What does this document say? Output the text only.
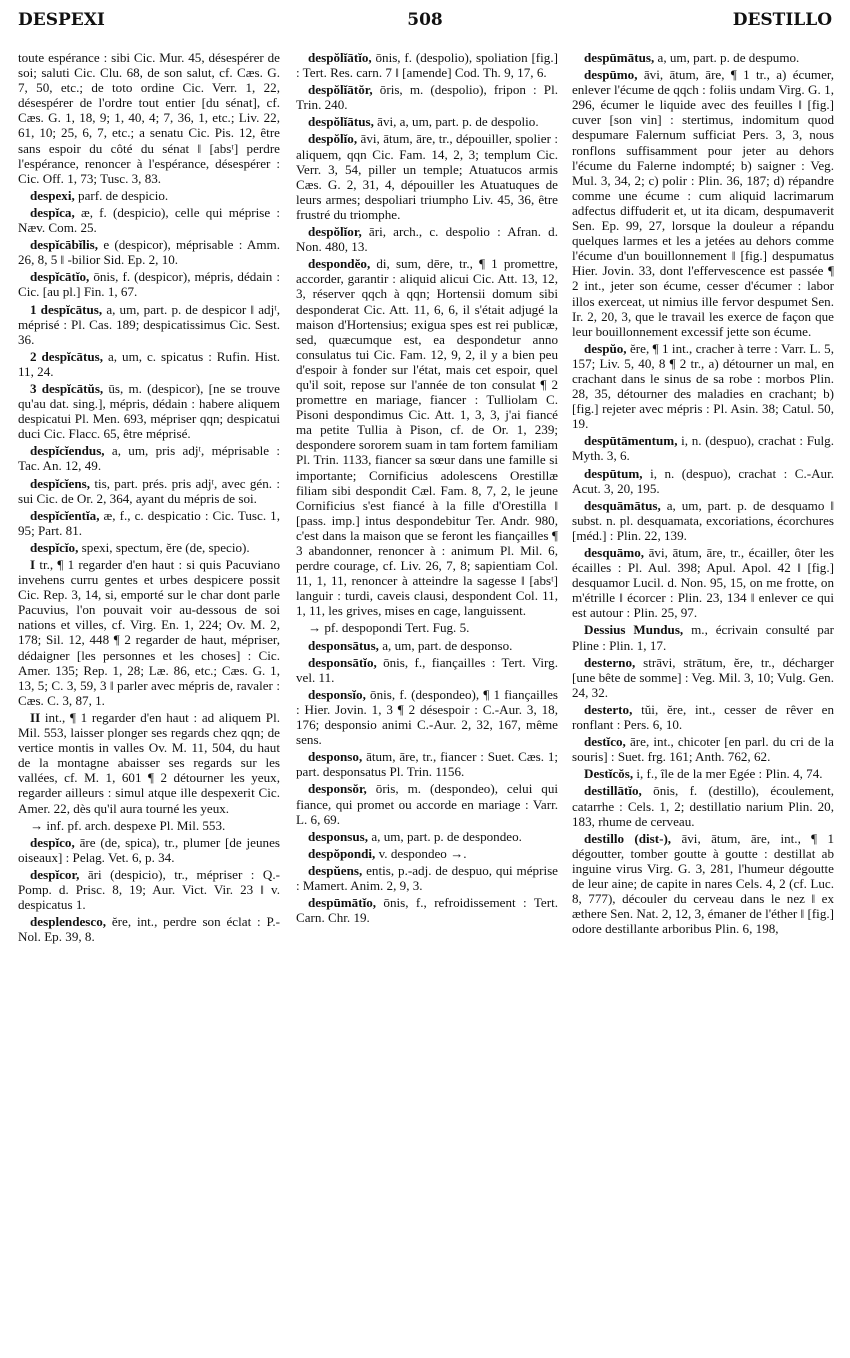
DESPEXI	508	DESTILLO

toute espérance : sibi Cic. Mur. 45, désespérer de soi; saluti Cic. Clu. 68, de son salut, cf. Cæs. G. 7, 50, etc.; de toto ordine Cic. Verr. 1, 22, désespérer de l'ordre tout entier [du sénat], cf. Cæs. G. 1, 18, 9; 1, 40, 4; 7, 36, 1, etc.; Liv. 22, 61, 10; 25, 6, 7, etc.; a senatu Cic. Pis. 12, être sans espoir du côté du sénat ‖ [absᵗ] perdre l'espérance, renoncer à l'espérance, désespérer : Cic. Off. 1, 73; Tusc. 3, 83.

despexi, parf. de despicio.

despĭca, æ, f. (despicio), celle qui méprise : Næv. Com. 25.

despĭcābĭlis, e (despicor), méprisable : Amm. 26, 8, 5 ‖ -bilior Sid. Ep. 2, 10.

despĭcātĭo, ōnis, f. (despicor), mépris, dédain : Cic. [au pl.] Fin. 1, 67.

1 despĭcātus, a, um, part. p. de despicor ‖ adjᵗ, méprisé : Pl. Cas. 189; despicatissimus Cic. Sest. 36.

2 despĭcātus, a, um, c. spicatus : Rufin. Hist. 11, 24.

3 despĭcātŭs, ūs, m. (despicor), [ne se trouve qu'au dat. sing.], mépris, dédain : habere aliquem despicatui Pl. Men. 693, mépriser qqn; despicatui duci Cic. Flacc. 65, être méprisé.

despĭcĭendus, a, um, pris adjᵗ, méprisable : Tac. An. 12, 49.

despĭcĭens, tis, part. prés. pris adjᵗ, avec gén. : sui Cic. de Or. 2, 364, ayant du mépris de soi.

despĭcĭentĭa, æ, f., c. despicatio : Cic. Tusc. 1, 95; Part. 81.

despĭcĭo, spexi, spectum, ĕre (de, specio).

I tr., ¶ 1 regarder d'en haut : si quis Pacuviano invehens curru gentes et urbes despicere possit Cic. Rep. 3, 14, si, emporté sur le char dont parle Pacuvius, l'on pouvait voir au-dessous de soi nations et villes, cf. Virg. En. 1, 224; Ov. M. 2, 178; Sil. 12, 448 ¶ 2 regarder de haut, mépriser, dédaigner [les personnes et les choses] : Cic. Amer. 135; Rep. 1, 28; Læ. 86, etc.; Cæs. G. 1, 13, 5; C. 3, 59, 3 ‖ parler avec mépris de, ravaler : Cæs. C. 3, 87, 1.

II int., ¶ 1 regarder d'en haut : ad aliquem Pl. Mil. 553, laisser plonger ses regards chez qqn; de vertice montis in valles Ov. M. 11, 504, du haut de la montagne abaisser ses regards sur les vallées, cf. M. 1, 601 ¶ 2 détourner les yeux, regarder ailleurs : simul atque ille despexerit Cic. Amer. 22, dès qu'il aura tourné les yeux.

→ inf. pf. arch. despexe Pl. Mil. 553.

despĭco, āre (de, spica), tr., plumer [de jeunes oiseaux] : Pelag. Vet. 6, p. 34.

despĭcor, āri (despicio), tr., mépriser : Q.-Pomp. d. Prisc. 8, 19; Aur. Vict. Vir. 23 ‖ v. despicatus 1.

desplendesco, ĕre, int., perdre son éclat : P.-Nol. Ep. 39, 8.

despŏlĭātĭo, ōnis, f. (despolio), spoliation [fig.] : Tert. Res. carn. 7 ‖ [amende] Cod. Th. 9, 17, 6.

despŏlĭātŏr, ōris, m. (despolio), fripon : Pl. Trin. 240.

despŏlĭātus, āvi, a, um, part. p. de despolio.

despŏlĭo, āvi, ātum, āre, tr., dépouiller, spolier : aliquem, qqn Cic. Fam. 14, 2, 3; templum Cic. Verr. 3, 54, piller un temple; Atuatucos armis Cæs. G. 2, 31, 4, dépouiller les Atuatuques de leurs armes; despoliari triumpho Liv. 45, 36, être frustré du triomphe.

despŏlĭor, āri, arch., c. despolio : Afran. d. Non. 480, 13.

despondĕo, di, sum, dēre, tr., ¶ 1 promettre, accorder, garantir : aliquid alicui Cic. Att. 13, 12, 3, réserver qqch à qqn; Hortensii domum sibi desponderat Cic. Att. 11, 6, 6, il s'était adjugé la maison d'Hortensius; exigua spes est rei publicæ, sed, quæcumque est, ea despondetur anno consulatus tui Cic. Fam. 12, 9, 2, il y a bien peu d'espoir à fonder sur l'état, mais cet espoir, quel qu'il soit, repose sur l'année de ton consulat ¶ 2 promettre en mariage, fiancer : Tulliolam C. Pisoni despondimus Cic. Att. 1, 3, 3, j'ai fiancé ma petite Tullia à Pison, cf. de Or. 1, 239; despondere sororem suam in tam fortem familiam Pl. Trin. 1133, fiancer sa sœur dans une famille si importante; Cornificius adolescens Orestillæ filiam sibi despondit Cæl. Fam. 8, 7, 2, le jeune Cornificius s'est fiancé à la fille d'Orestilla ‖ [pass. imp.] intus despondebitur Ter. Andr. 980, c'est dans la maison que se feront les fiançailles ¶ 3 abandonner, renoncer à : animum Pl. Mil. 6, perdre courage, cf. Liv. 26, 7, 8; sapientiam Col. 11, 1, 11, renoncer à atteindre la sagesse ‖ [absᵗ] languir : turdi, caveis clausi, despondent Col. 11, 1, 11, les grives, mises en cage, languissent.

→ pf. despopondi Tert. Fug. 5.

desponsātus, a, um, part. de desponso.

desponsātĭo, ōnis, f., fiançailles : Tert. Virg. vel. 11.

desponsĭo, ōnis, f. (despondeo), ¶ 1 fiançailles : Hier. Jovin. 1, 3 ¶ 2 désespoir : C.-Aur. 3, 18, 176; desponsio animi C.-Aur. 2, 32, 167, même sens.

desponso, ātum, āre, tr., fiancer : Suet. Cæs. 1; part. desponsatus Pl. Trin. 1156.

desponsŏr, ōris, m. (despondeo), celui qui fiance, qui promet ou accorde en mariage : Varr. L. 6, 69.

desponsus, a, um, part. p. de despondeo.

despŏpondi, v. despondeo →.

despŭens, entis, p.-adj. de despuo, qui méprise : Mamert. Anim. 2, 9, 3.

despūmātĭo, ōnis, f., refroidissement : Tert. Carn. Chr. 19.

despūmātus, a, um, part. p. de despumo.

despūmo, āvi, ātum, āre, ¶ 1 tr., a) écumer, enlever l'écume de qqch : foliis undam Virg. G. 1, 296, écumer le liquide avec des feuilles ‖ [fig.] cuver [son vin] : stertimus, indomitum quod despumare Falernum sufficiat Pers. 3, 3, nous ronflons suffisamment pour jeter au dehors l'écume du Falerne indompté; b) saigner : Veg. Mul. 3, 34, 2; c) polir : Plin. 36, 187; d) répandre comme une écume : cum aliquid lacrimarum adfectus diffuderit et, ut ita dicam, despumaverit Sen. Ep. 99, 27, lorsque la douleur a répandu quelques larmes et les a jetées au dehors comme l'écume d'un bouillonnement ‖ [fig.] despumatus Hier. Jovin. 33, dont l'effervescence est passée ¶ 2 int., jeter son écume, cesser d'écumer : labor illos exerceat, ut nimius ille fervor despumet Sen. Ir. 2, 20, 3, que le travail les exerce de façon que leur bouillonnement excessif jette son écume.

despŭo, ĕre, ¶ 1 int., cracher à terre : Varr. L. 5, 157; Liv. 5, 40, 8 ¶ 2 tr., a) détourner un mal, en crachant dans le sinus de sa robe : morbos Plin. 28, 35, détourner des maladies en crachant; b) [fig.] rejeter avec mépris : Pl. Asin. 38; Catul. 50, 19.

despūtāmentum, i, n. (despuo), crachat : Fulg. Myth. 3, 6.

despūtum, i, n. (despuo), crachat : C.-Aur. Acut. 3, 20, 195.

desquāmātus, a, um, part. p. de desquamo ‖ subst. n. pl. desquamata, excoriations, écorchures [méd.] : Plin. 22, 139.

desquāmo, āvi, ātum, āre, tr., écailler, ôter les écailles : Pl. Aul. 398; Apul. Apol. 42 ‖ [fig.] desquamor Lucil. d. Non. 95, 15, on me frotte, on m'étrille ‖ écorcer : Plin. 23, 134 ‖ enlever ce qui est autour : Plin. 25, 97.

Dessius Mundus, m., écrivain consulté par Pline : Plin. 1, 17.

desterno, strāvi, strātum, ĕre, tr., décharger [une bête de somme] : Veg. Mil. 3, 10; Vulg. Gen. 24, 32.

desterto, tŭi, ĕre, int., cesser de rêver en ronflant : Pers. 6, 10.

destĭco, āre, int., chicoter [en parl. du cri de la souris] : Suet. frg. 161; Anth. 762, 62.

Destĭcŏs, i, f., île de la mer Egée : Plin. 4, 74.

destillātĭo, ōnis, f. (destillo), écoulement, catarrhe : Cels. 1, 2; destillatio narium Plin. 20, 183, rhume de cerveau.

destillo (dist-), āvi, ātum, āre, int., ¶ 1 dégoutter, tomber goutte à goutte : destillat ab inguine virus Virg. G. 3, 281, l'humeur dégoutte de leur aine; de capite in nares Cels. 4, 2 (cf. Luc. 8, 777), découler du cerveau dans le nez ‖ ex æthere Sen. Nat. 2, 12, 3, émaner de l'éther ‖ [fig.] odore destillante arboribus Plin. 6, 198,
